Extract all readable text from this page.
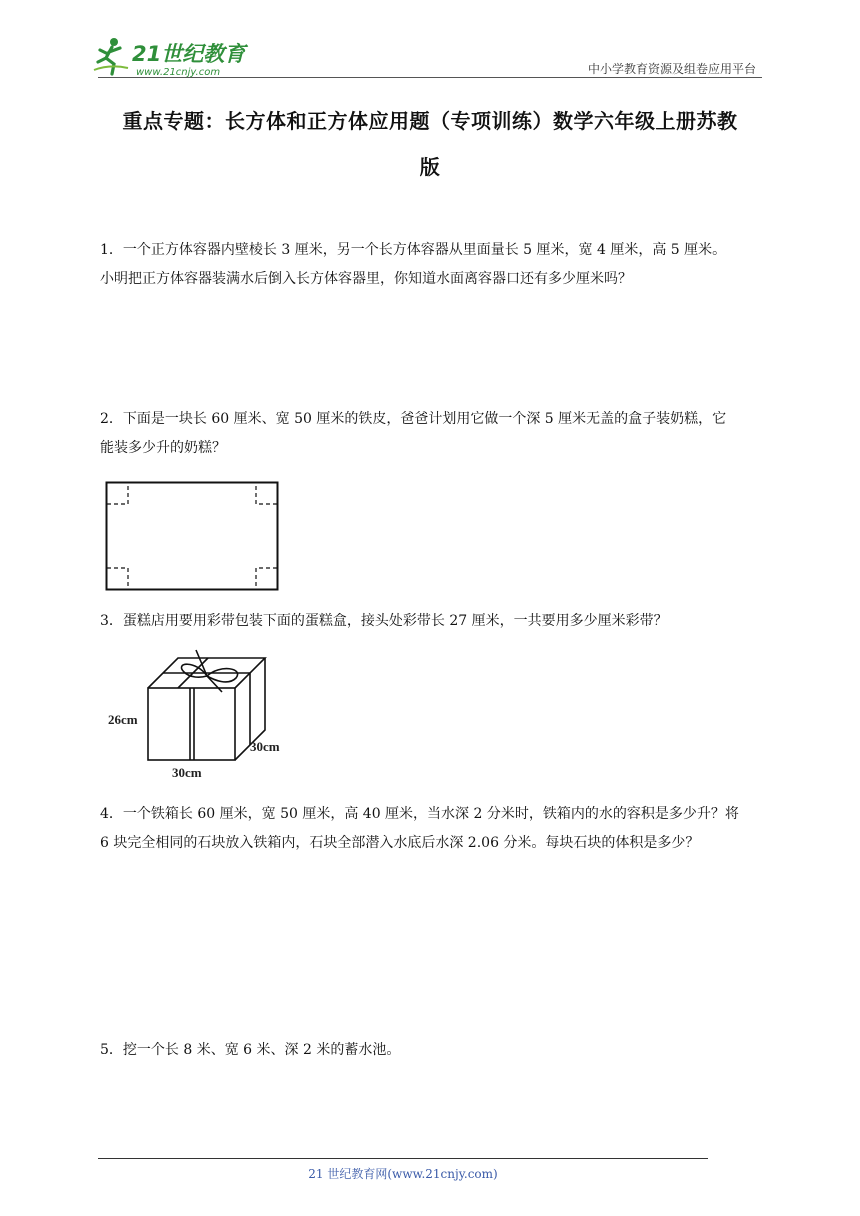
21世纪教育
www.21cnjy.com	中小学教育资源及组卷应用平台
重点专题：长方体和正方体应用题（专项训练）数学六年级上册苏教
版
1．一个正方体容器内壁棱长 3 厘米，另一个长方体容器从里面量长 5 厘米，宽 4 厘米，高 5 厘米。
小明把正方体容器装满水后倒入长方体容器里，你知道水面离容器口还有多少厘米吗？
2．下面是一块长 60 厘米、宽 50 厘米的铁皮，爸爸计划用它做一个深 5 厘米无盖的盒子装奶糕，它
能装多少升的奶糕？
3．蛋糕店用要用彩带包装下面的蛋糕盒，接头处彩带长 27 厘米，一共要用多少厘米彩带？
26cm
30cm
30cm
4．一个铁箱长 60 厘米，宽 50 厘米，高 40 厘米，当水深 2 分米时，铁箱内的水的容积是多少升？将
6 块完全相同的石块放入铁箱内，石块全部潜入水底后水深 2.06 分米。每块石块的体积是多少？
5．挖一个长 8 米、宽 6 米、深 2 米的蓄水池。
21 世纪教育网(www.21cnjy.com)
